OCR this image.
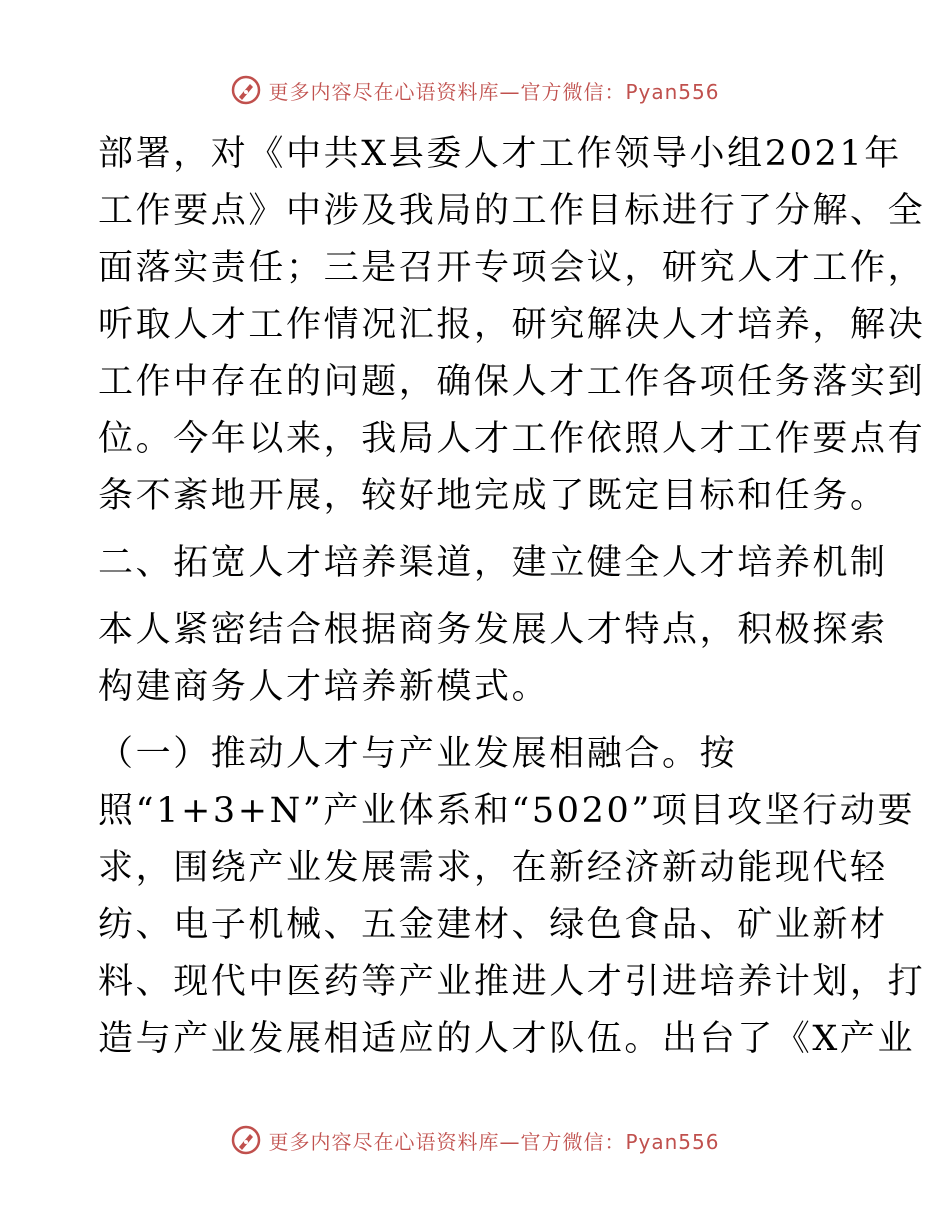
更多内容尽在心语资料库—官方微信：Pyan556
部署，对《中共X县委人才工作领导小组2021年
工作要点》中涉及我局的工作目标进行了分解、全
面落实责任；三是召开专项会议，研究人才工作，
听取人才工作情况汇报，研究解决人才培养，解决
工作中存在的问题，确保人才工作各项任务落实到
位。今年以来，我局人才工作依照人才工作要点有
条不紊地开展，较好地完成了既定目标和任务。
二、拓宽人才培养渠道，建立健全人才培养机制
本人紧密结合根据商务发展人才特点，积极探索
构建商务人才培养新模式。
（一）推动人才与产业发展相融合。按
照“1+3+N”产业体系和“5020”项目攻坚行动要
求，围绕产业发展需求，在新经济新动能现代轻
纺、电子机械、五金建材、绿色食品、矿业新材
料、现代中医药等产业推进人才引进培养计划，打
造与产业发展相适应的人才队伍。出台了《X产业
更多内容尽在心语资料库—官方微信：Pyan556
